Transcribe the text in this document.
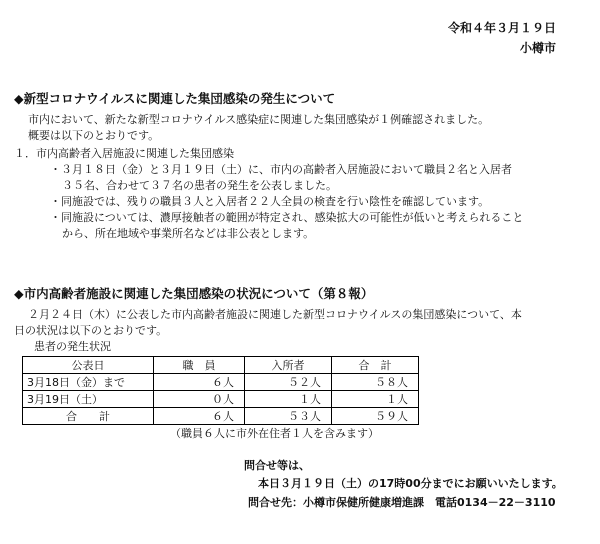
令和４年３月１９日
小樽市
◆新型コロナウイルスに関連した集団感染の発生について
市内において、新たな新型コロナウイルス感染症に関連した集団感染が１例確認されました。
概要は以下のとおりです。
１．市内高齢者入居施設に関連した集団感染
・３月１８日（金）と３月１９日（土）に、市内の高齢者入居施設において職員２名と入居者
３５名、合わせて３７名の患者の発生を公表しました。
・同施設では、残りの職員３人と入居者２２人全員の検査を行い陰性を確認しています。
・同施設については、濃厚接触者の範囲が特定され、感染拡大の可能性が低いと考えられること
から、所在地域や事業所名などは非公表とします。
◆市内高齢者施設に関連した集団感染の状況について（第８報）
２月２４日（木）に公表した市内高齢者施設に関連した新型コロナウイルスの集団感染について、本
日の状況は以下のとおりです。
患者の発生状況
公表日	職　員	入所者	合　計
3月18日（金）まで	６人	５２人	５８人
3月19日（土）	０人	１人	１人
合　　計	６人	５３人	５９人
（職員６人に市外在住者１人を含みます）
問合せ等は、
本日３月１９日（土）の17時00分までにお願いいたします。
問合せ先：小樽市保健所健康増進課　電話0134－22－3110
